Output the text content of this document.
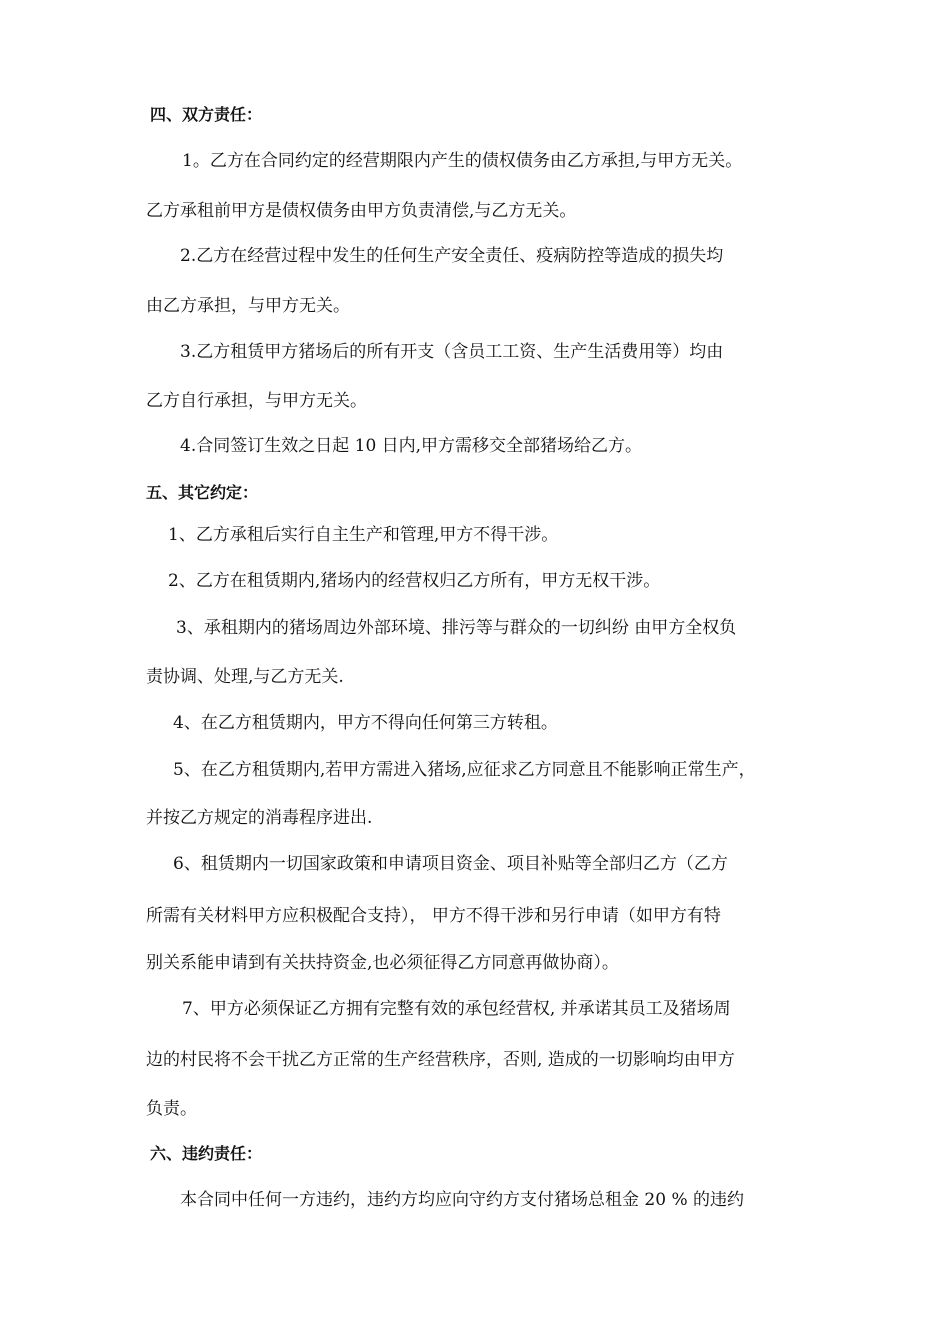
四、双方责任：
1。乙方在合同约定的经营期限内产生的债权债务由乙方承担,与甲方无关。
乙方承租前甲方是债权债务由甲方负责清偿,与乙方无关。
2.乙方在经营过程中发生的任何生产安全责任、疫病防控等造成的损失均
由乙方承担，与甲方无关。
3.乙方租赁甲方猪场后的所有开支（含员工工资、生产生活费用等）均由
乙方自行承担，与甲方无关。
4.合同签订生效之日起 10 日内,甲方需移交全部猪场给乙方。
五、其它约定：
1、乙方承租后实行自主生产和管理,甲方不得干涉。
2、乙方在租赁期内,猪场内的经营权归乙方所有，甲方无权干涉。
3、承租期内的猪场周边外部环境、排污等与群众的一切纠纷 由甲方全权负
责协调、处理,与乙方无关.
4、在乙方租赁期内，甲方不得向任何第三方转租。
5、在乙方租赁期内,若甲方需进入猪场,应征求乙方同意且不能影响正常生产，
并按乙方规定的消毒程序进出.
6、租赁期内一切国家政策和申请项目资金、项目补贴等全部归乙方（乙方
所需有关材料甲方应积极配合支持）， 甲方不得干涉和另行申请（如甲方有特
别关系能申请到有关扶持资金,也必须征得乙方同意再做协商）。
7、甲方必须保证乙方拥有完整有效的承包经营权, 并承诺其员工及猪场周
边的村民将不会干扰乙方正常的生产经营秩序，否则, 造成的一切影响均由甲方
负责。
六、违约责任：
本合同中任何一方违约，违约方均应向守约方支付猪场总租金 20 % 的违约
